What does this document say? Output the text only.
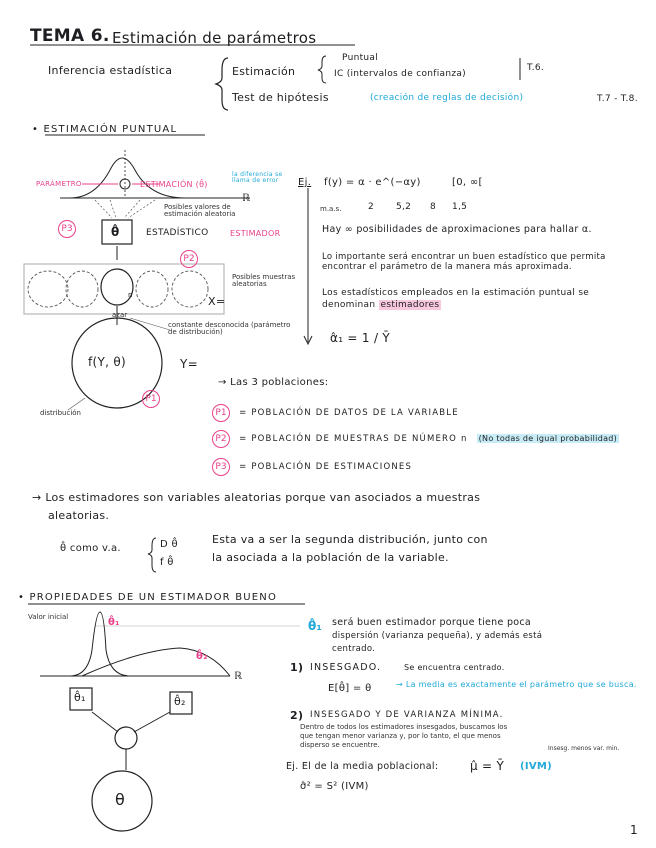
TEMA 6. Estimación de parámetros
Inferencia estadística	Estimación
Puntual
IC (intervalos de confianza)
T.6.
Test de hipótesis	(creación de reglas de decisión)	T.7 - T.8.
• ESTIMACIÓN PUNTUAL
PARÁMETRO	ESTIMACIÓN (θ̂)
la diferencia se llama de error
ℝ
Posibles valores de estimación aleatoria
θ̂	ESTADÍSTICO	ESTIMADOR
P3
P2
P1
Posibles muestras aleatorias
X=
n
azar
constante desconocida (parámetro de distribución)
f(Y, θ)	Y=
distribución
Ej. f(y) = α · e^(−αy)	[0, ∞[
m.a.s.	2 5,2 8 1,5
Hay ∞ posibilidades de aproximaciones para hallar α.
Lo importante será encontrar un buen estadístico que permita encontrar el parámetro de la manera más aproximada.
Los estadísticos empleados en la estimación puntual se denominan estimadores
α̂₁ = 1 / Ȳ
→ Las 3 poblaciones:
P1 = POBLACIÓN DE DATOS DE LA VARIABLE
P2 = POBLACIÓN DE MUESTRAS DE NÚMERO n (No todas de igual probabilidad)
P3 = POBLACIÓN DE ESTIMACIONES
→ Los estimadores son variables aleatorias porque van asociados a muestras
aleatorias.
θ̂ como v.a.	D θ̂
f θ̂
Esta va a ser la segunda distribución, junto con
la asociada a la población de la variable.
• PROPIEDADES DE UN ESTIMADOR BUENO
Valor inicial	θ̂₁
θ̂₂
ℝ
θ̂₁	θ̂₂
θ
θ̂₁ será buen estimador porque tiene poca
dispersión (varianza pequeña), y además está
centrado.
1) INSESGADO.	Se encuentra centrado.
E[θ̂] = θ	→ La media es exactamente el parámetro que se busca.
2) INSESGADO Y DE VARIANZA MÍNIMA.
Dentro de todos los estimadores insesgados, buscamos los
que tengan menor varianza y, por lo tanto, el que menos
disperso se encuentre.	Insesg. menos var. min.
Ej. El de la media poblacional:	μ̂ = Ȳ (IVM)
σ̂² = S² (IVM)
1
